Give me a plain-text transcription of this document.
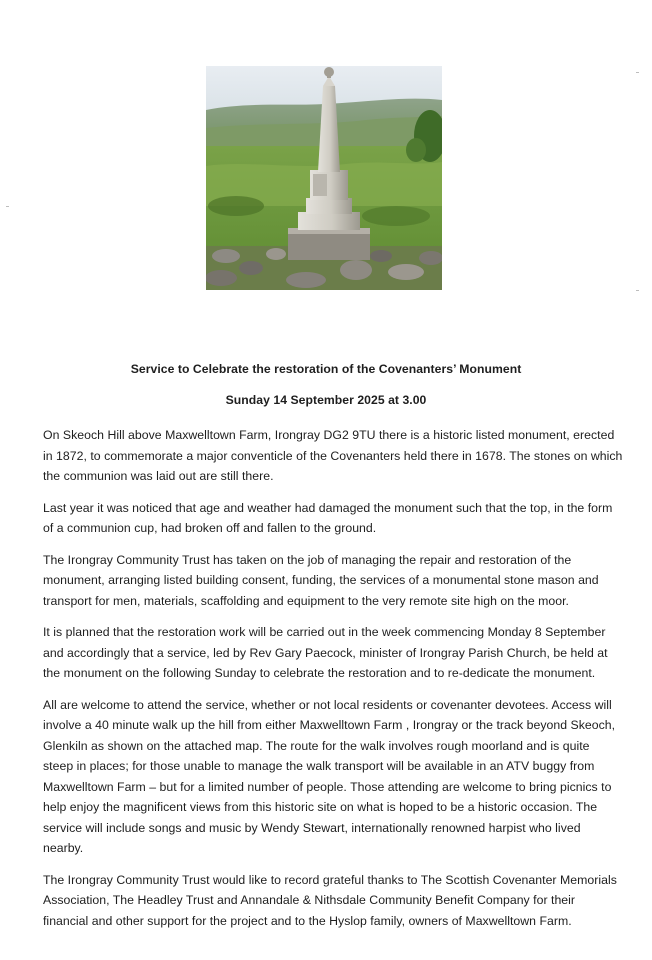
Service to Celebrate the restoration of the Covenanters’ Monument
Sunday 14 September 2025 at 3.00

On Skeoch Hill above Maxwelltown Farm, Irongray DG2 9TU there is a historic listed monument, erected in 1872, to commemorate a major conventicle of the Covenanters held there in 1678. The stones on which the communion was laid out are still there.

Last year it was noticed that age and weather had damaged the monument such that the top, in the form of a communion cup, had broken off and fallen to the ground.

The Irongray Community Trust has taken on the job of managing the repair and restoration of the monument, arranging listed building consent, funding, the services of a monumental stone mason and transport for men, materials, scaffolding and equipment to the very remote site high on the moor.

It is planned that the restoration work will be carried out in the week commencing Monday 8 September and accordingly that a service, led by Rev Gary Paecock, minister of Irongray Parish Church, be held at the monument on the following Sunday to celebrate the restoration and to re-dedicate the monument.

All are welcome to attend the service, whether or not local residents or covenanter devotees. Access will involve a 40 minute walk up the hill from either Maxwelltown Farm , Irongray or the track beyond Skeoch, Glenkiln as shown on the attached map. The route for the walk involves rough moorland and is quite steep in places; for those unable to manage the walk transport will be available in an ATV buggy from Maxwelltown Farm – but for a limited number of people. Those attending are welcome to bring picnics to help enjoy the magnificent views from this historic site on what is hoped to be a historic occasion. The service will include songs and music by Wendy Stewart, internationally renowned harpist who lived nearby.

The Irongray Community Trust would like to record grateful thanks to The Scottish Covenanter Memorials Association, The Headley Trust and Annandale & Nithsdale Community Benefit Company for their financial and other support for the project and to the Hyslop family, owners of Maxwelltown Farm.
